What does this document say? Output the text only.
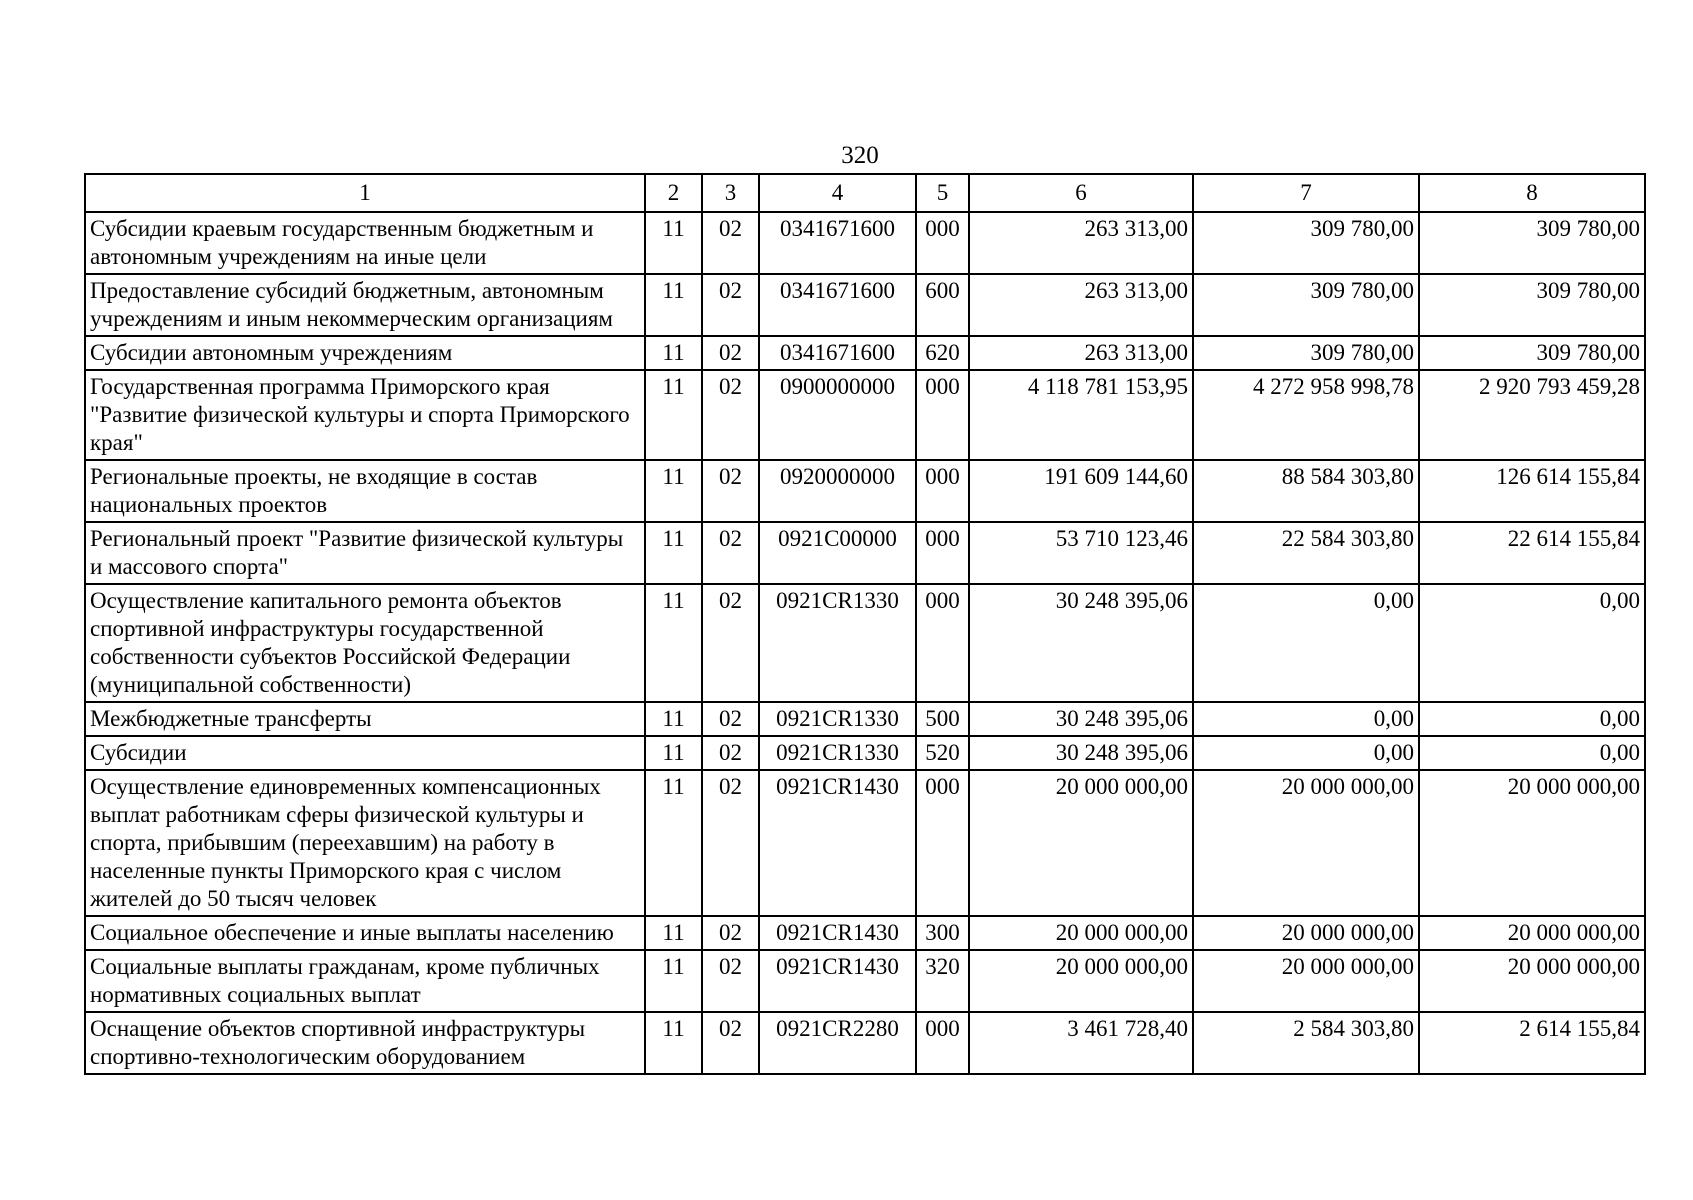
320
1	2	3	4	5	6	7	8
Субсидии краевым государственным бюджетным и автономным учреждениям на иные цели	11	02	0341671600	000	263 313,00	309 780,00	309 780,00
Предоставление субсидий бюджетным, автономным учреждениям и иным некоммерческим организациям	11	02	0341671600	600	263 313,00	309 780,00	309 780,00
Субсидии автономным учреждениям	11	02	0341671600	620	263 313,00	309 780,00	309 780,00
Государственная программа Приморского края "Развитие физической культуры и спорта Приморского края"	11	02	0900000000	000	4 118 781 153,95	4 272 958 998,78	2 920 793 459,28
Региональные проекты, не входящие в состав национальных проектов	11	02	0920000000	000	191 609 144,60	88 584 303,80	126 614 155,84
Региональный проект "Развитие физической культуры и массового спорта"	11	02	0921C00000	000	53 710 123,46	22 584 303,80	22 614 155,84
Осуществление капитального ремонта объектов спортивной инфраструктуры государственной собственности субъектов Российской Федерации (муниципальной собственности)	11	02	0921CR1330	000	30 248 395,06	0,00	0,00
Межбюджетные трансферты	11	02	0921CR1330	500	30 248 395,06	0,00	0,00
Субсидии	11	02	0921CR1330	520	30 248 395,06	0,00	0,00
Осуществление единовременных компенсационных выплат работникам сферы физической культуры и спорта, прибывшим (переехавшим) на работу в населенные пункты Приморского края с числом жителей до 50 тысяч человек	11	02	0921CR1430	000	20 000 000,00	20 000 000,00	20 000 000,00
Социальное обеспечение и иные выплаты населению	11	02	0921CR1430	300	20 000 000,00	20 000 000,00	20 000 000,00
Социальные выплаты гражданам, кроме публичных нормативных социальных выплат	11	02	0921CR1430	320	20 000 000,00	20 000 000,00	20 000 000,00
Оснащение объектов спортивной инфраструктуры спортивно-технологическим оборудованием	11	02	0921CR2280	000	3 461 728,40	2 584 303,80	2 614 155,84
